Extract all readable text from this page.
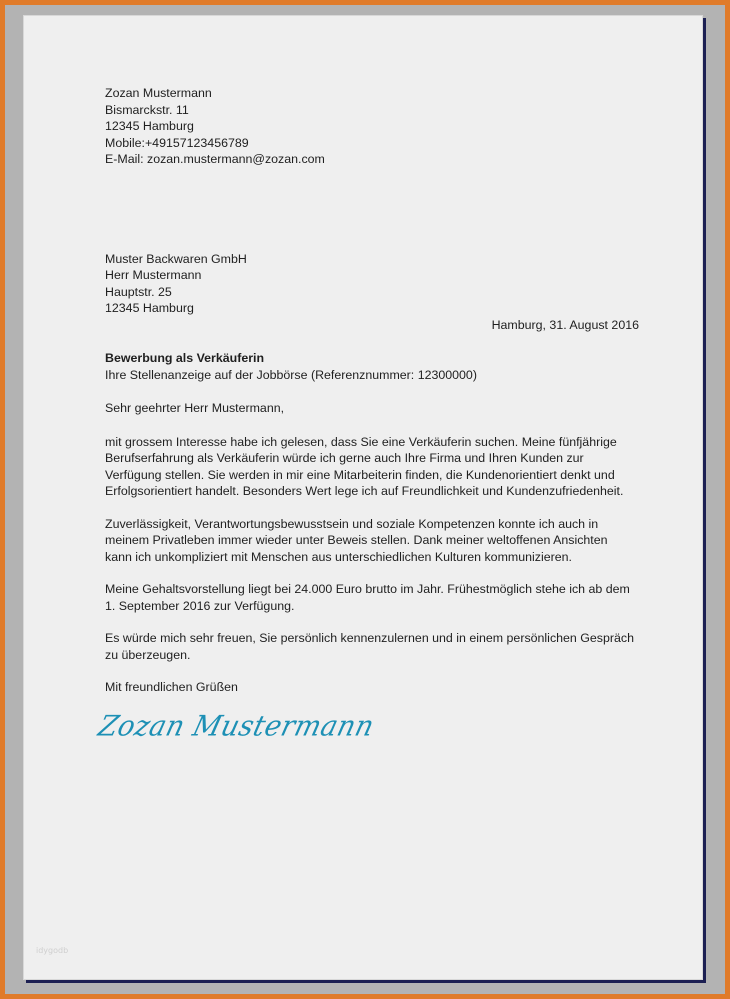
Zozan Mustermann
Bismarckstr. 11
12345 Hamburg
Mobile:+49157123456789
E-Mail: zozan.mustermann@zozan.com
Muster Backwaren GmbH
Herr Mustermann
Hauptstr. 25
12345 Hamburg
Hamburg, 31. August 2016
Bewerbung als Verkäuferin
Ihre Stellenanzeige auf der Jobbörse (Referenznummer: 12300000)
Sehr geehrter Herr Mustermann,
mit grossem Interesse habe ich gelesen, dass Sie eine Verkäuferin suchen. Meine fünfjährige
Berufserfahrung als Verkäuferin würde ich gerne auch Ihre Firma und Ihren Kunden zur
Verfügung stellen. Sie werden in mir eine Mitarbeiterin finden, die Kundenorientiert denkt und
Erfolgsorientiert handelt. Besonders Wert lege ich auf Freundlichkeit und Kundenzufriedenheit.
Zuverlässigkeit, Verantwortungsbewusstsein und soziale Kompetenzen konnte ich auch in
meinem Privatleben immer wieder unter Beweis stellen. Dank meiner weltoffenen Ansichten
kann ich unkompliziert mit Menschen aus unterschiedlichen Kulturen kommunizieren.
Meine Gehaltsvorstellung liegt bei 24.000 Euro brutto im Jahr. Frühestmöglich stehe ich ab dem
1. September 2016 zur Verfügung.
Es würde mich sehr freuen, Sie persönlich kennenzulernen und in einem persönlichen Gespräch
zu überzeugen.
Mit freundlichen Grüßen
Zozan Mustermann
idygodb
